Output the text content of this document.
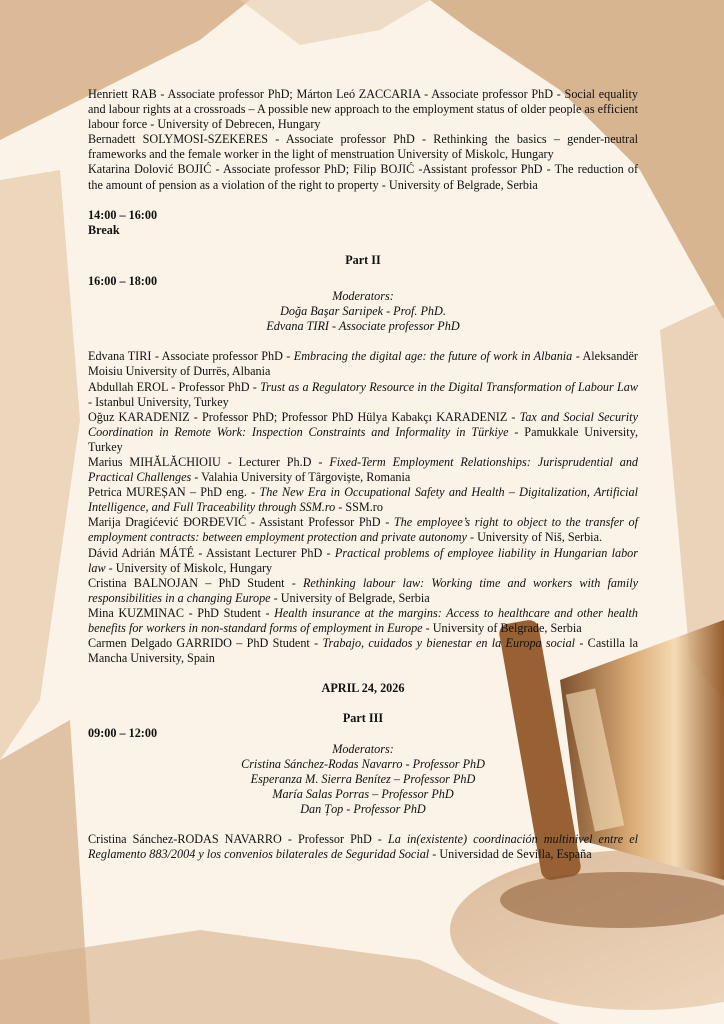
Henriett RAB - Associate professor PhD; Márton Leó ZACCARIA - Associate professor PhD - Social equality and labour rights at a crossroads – A possible new approach to the employment status of older people as efficient labour force - University of Debrecen, Hungary

Bernadett SOLYMOSI-SZEKERES - Associate professor PhD - Rethinking the basics – gender-neutral frameworks and the female worker in the light of menstruation University of Miskolc, Hungary

Katarina Dolović BOJIĆ - Associate professor PhD; Filip BOJIĆ -Assistant professor PhD - The reduction of the amount of pension as a violation of the right to property - University of Belgrade, Serbia

14:00 – 16:00
Break
Part II
16:00 – 18:00
Moderators:
Doğa Başar Sarıipek - Prof. PhD.
Edvana TIRI - Associate professor PhD

Edvana TIRI - Associate professor PhD - Embracing the digital age: the future of work in Albania - Aleksandër Moisiu University of Durrës, Albania

Abdullah EROL - Professor PhD - Trust as a Regulatory Resource in the Digital Transformation of Labour Law - Istanbul University, Turkey

Oğuz KARADENIZ - Professor PhD; Professor PhD Hülya Kabakçı KARADENIZ - Tax and Social Security Coordination in Remote Work: Inspection Constraints and Informality in Türkiye - Pamukkale University, Turkey

Marius MIHĂLĂCHIOIU - Lecturer Ph.D - Fixed-Term Employment Relationships: Jurisprudential and Practical Challenges - Valahia University of Târgoviște, Romania

Petrica MUREȘAN – PhD eng. - The New Era in Occupational Safety and Health – Digitalization, Artificial Intelligence, and Full Traceability through SSM.ro - SSM.ro

Marija Dragićević ĐORĐEVIĆ - Assistant Professor PhD - The employee’s right to object to the transfer of employment contracts: between employment protection and private autonomy - University of Niš, Serbia.

Dávid Adrián MÁTÉ - Assistant Lecturer PhD - Practical problems of employee liability in Hungarian labor law - University of Miskolc, Hungary

Cristina BALNOJAN – PhD Student - Rethinking labour law: Working time and workers with family responsibilities in a changing Europe - University of Belgrade, Serbia

Mina KUZMINAC - PhD Student - Health insurance at the margins: Access to healthcare and other health benefits for workers in non-standard forms of employment in Europe - University of Belgrade, Serbia

Carmen Delgado GARRIDO – PhD Student - Trabajo, cuidados y bienestar en la Europa social - Castilla la Mancha University, Spain

APRIL 24, 2026
Part III
09:00 – 12:00
Moderators:
Cristina Sánchez-Rodas Navarro - Professor PhD
Esperanza M. Sierra Benítez – Professor PhD
María Salas Porras – Professor PhD
Dan Țop - Professor PhD

Cristina Sánchez-RODAS NAVARRO - Professor PhD - La in(existente) coordinación multinivel entre el Reglamento 883/2004 y los convenios bilaterales de Seguridad Social - Universidad de Sevilla, España
